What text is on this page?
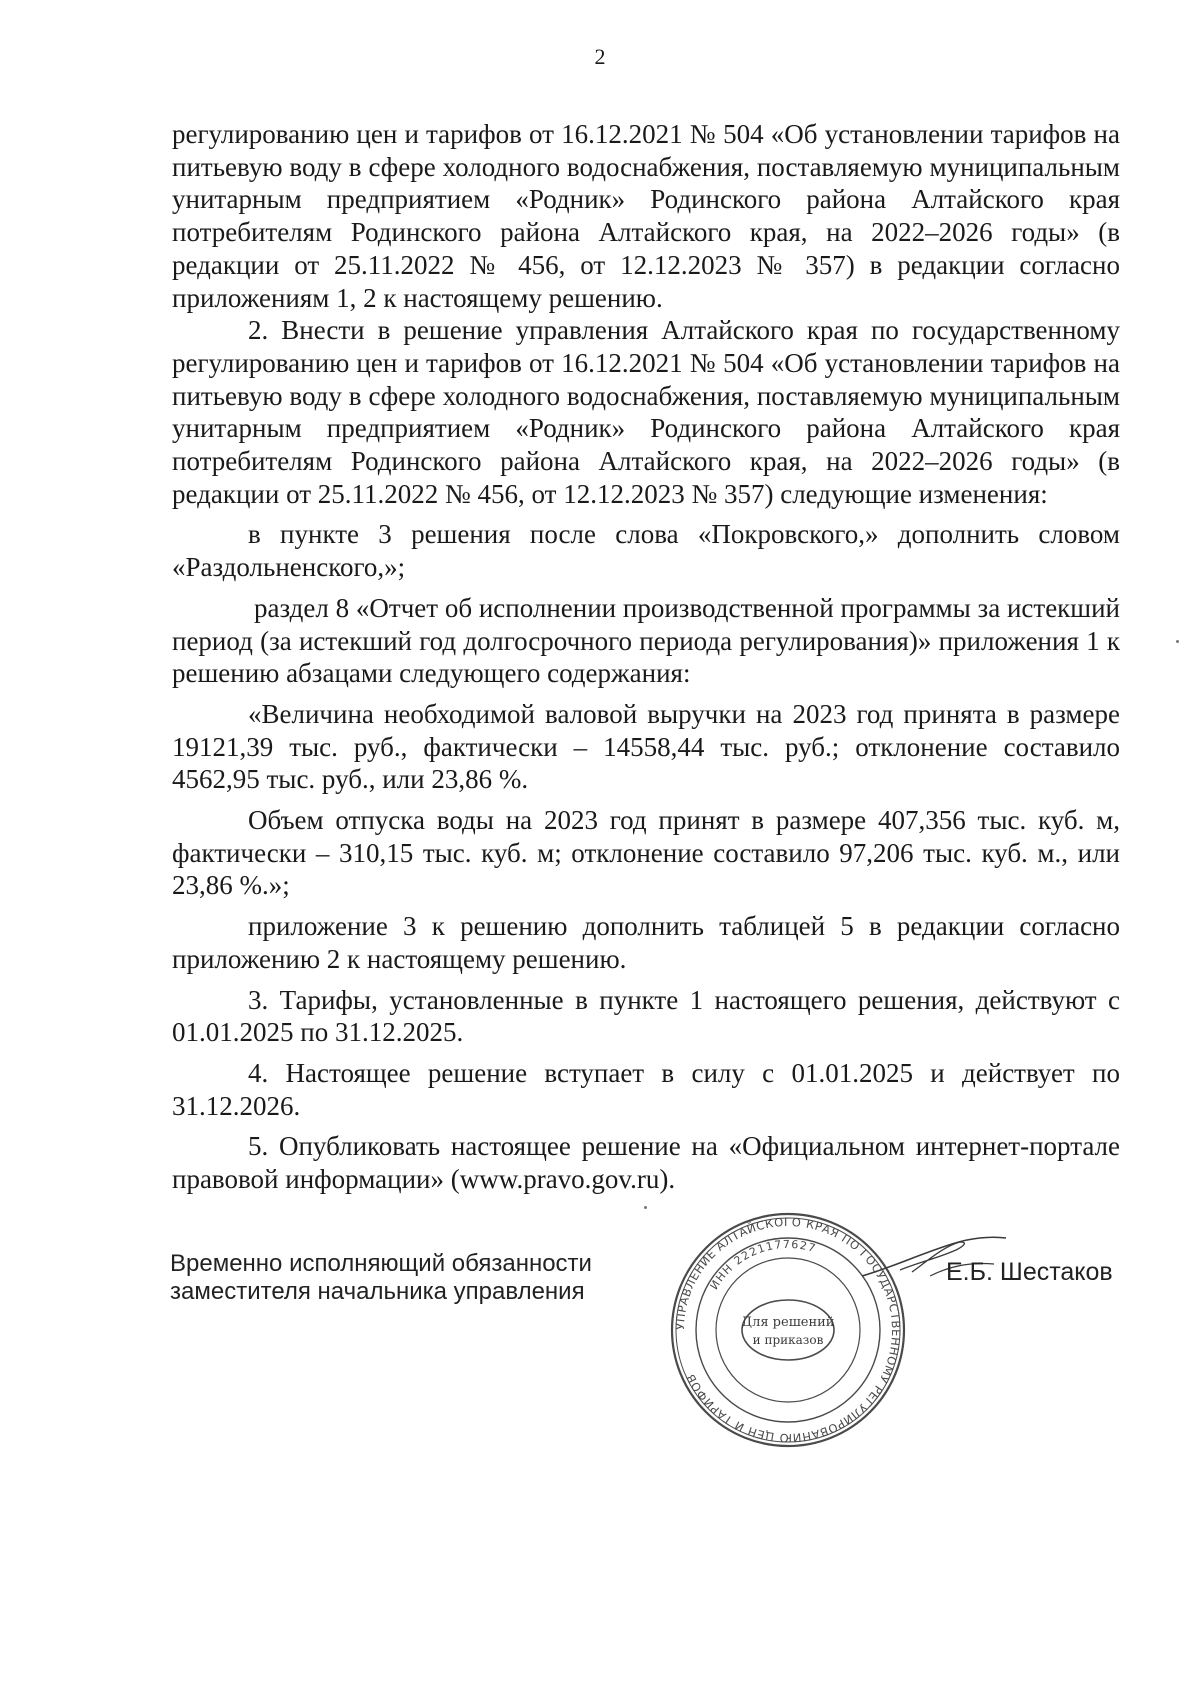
2

регулированию цен и тарифов от 16.12.2021 № 504 «Об установлении тарифов на питьевую воду в сфере холодного водоснабжения, поставляемую муниципальным унитарным предприятием «Родник» Родинского района Алтайского края потребителям Родинского района Алтайского края, на 2022–2026 годы» (в редакции от 25.11.2022 № 456, от 12.12.2023 № 357) в редакции согласно приложениям 1, 2 к настоящему решению.

2. Внести в решение управления Алтайского края по государственному регулированию цен и тарифов от 16.12.2021 № 504 «Об установлении тарифов на питьевую воду в сфере холодного водоснабжения, поставляемую муниципальным унитарным предприятием «Родник» Родинского района Алтайского края потребителям Родинского района Алтайского края, на 2022–2026 годы» (в редакции от 25.11.2022 № 456, от 12.12.2023 № 357) следующие изменения:

в пункте 3 решения после слова «Покровского,» дополнить словом «Раздольненского,»;

раздел 8 «Отчет об исполнении производственной программы за истекший период (за истекший год долгосрочного периода регулирования)» приложения 1 к решению абзацами следующего содержания:

«Величина необходимой валовой выручки на 2023 год принята в размере 19121,39 тыс. руб., фактически – 14558,44 тыс. руб.; отклонение составило 4562,95 тыс. руб., или 23,86 %.

Объем отпуска воды на 2023 год принят в размере 407,356 тыс. куб. м, фактически – 310,15 тыс. куб. м; отклонение составило 97,206 тыс. куб. м., или 23,86 %.»;

приложение 3 к решению дополнить таблицей 5 в редакции согласно приложению 2 к настоящему решению.

3. Тарифы, установленные в пункте 1 настоящего решения, действуют с 01.01.2025 по 31.12.2025.

4. Настоящее решение вступает в силу с 01.01.2025 и действует по 31.12.2026.

5. Опубликовать настоящее решение на «Официальном интернет-портале правовой информации» (www.pravo.gov.ru).

Временно исполняющий обязанности
заместителя начальника управления
УПРАВЛЕНИЕ АЛТАЙСКОГО КРАЯ ПО ГОСУДАРСТВЕННОМУ РЕГУЛИРОВАНИЮ ЦЕН И ТАРИФОВ
ИНН 2221177627
Для решений
и приказов
Е.Б. Шестаков
